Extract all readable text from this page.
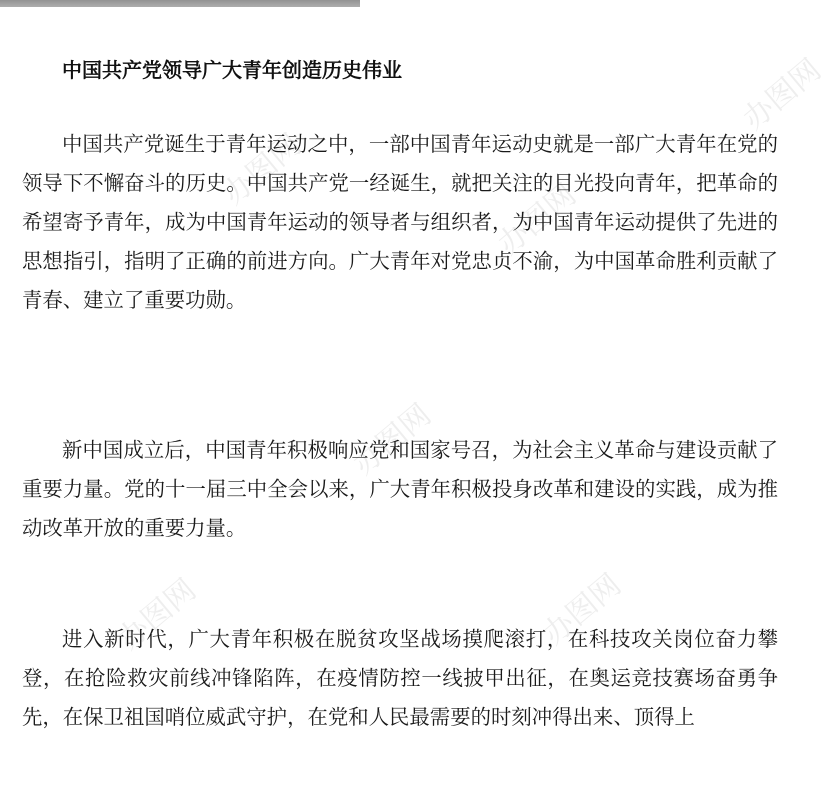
办图网
办图网
办图网
办图网
办图网	办图网
中国共产党领导广大青年创造历史伟业

中国共产党诞生于青年运动之中，一部中国青年运动史就是一部广大青年在党的领导下不懈奋斗的历史。中国共产党一经诞生，就把关注的目光投向青年，把革命的希望寄予青年，成为中国青年运动的领导者与组织者，为中国青年运动提供了先进的思想指引，指明了正确的前进方向。广大青年对党忠贞不渝，为中国革命胜利贡献了青春、建立了重要功勋。

新中国成立后，中国青年积极响应党和国家号召，为社会主义革命与建设贡献了重要力量。党的十一届三中全会以来，广大青年积极投身改革和建设的实践，成为推动改革开放的重要力量。

进入新时代，广大青年积极在脱贫攻坚战场摸爬滚打，在科技攻关岗位奋力攀登，在抢险救灾前线冲锋陷阵，在疫情防控一线披甲出征，在奥运竞技赛场奋勇争先，在保卫祖国哨位威武守护，在党和人民最需要的时刻冲得出来、顶得上
